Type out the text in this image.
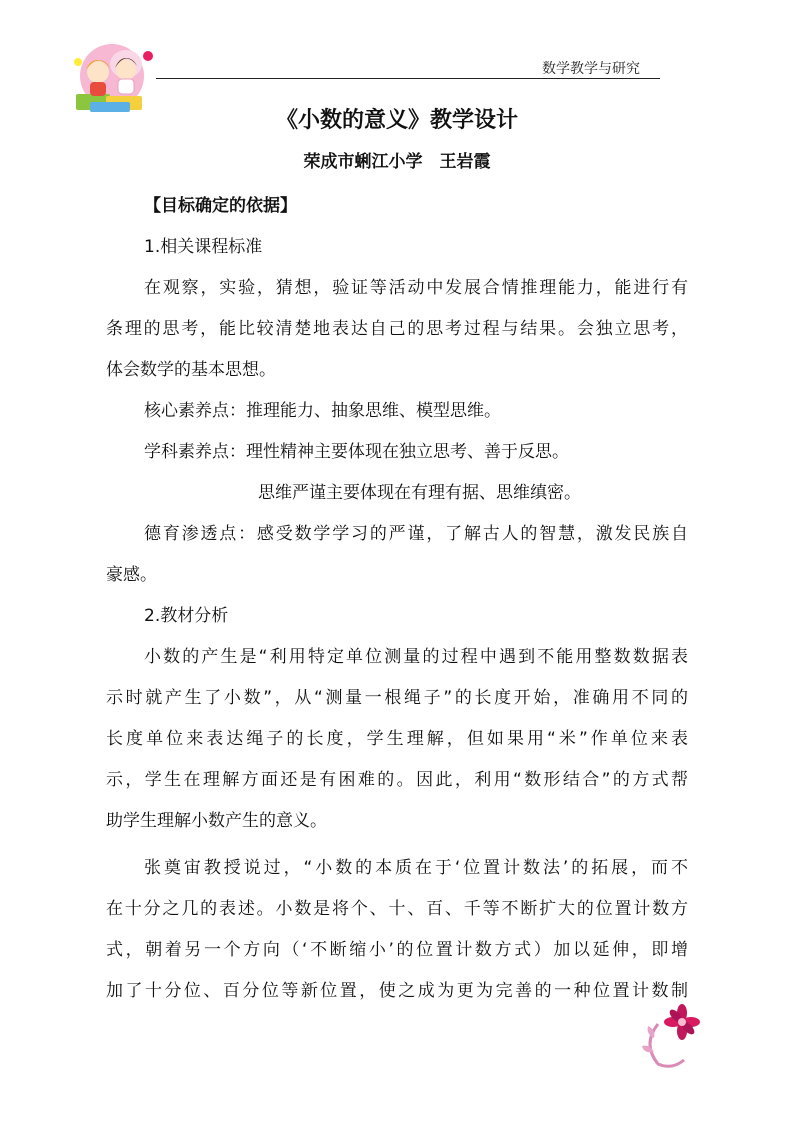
数学教学与研究
《小数的意义》教学设计
荣成市蜊江小学　王岩霞
【目标确定的依据】
1.相关课程标准
在观察，实验，猜想，验证等活动中发展合情推理能力，能进行有
条理的思考，能比较清楚地表达自己的思考过程与结果。会独立思考，
体会数学的基本思想。
核心素养点：推理能力、抽象思维、模型思维。
学科素养点：理性精神主要体现在独立思考、善于反思。
思维严谨主要体现在有理有据、思维缜密。
德育渗透点：感受数学学习的严谨，了解古人的智慧，激发民族自
豪感。
2.教材分析
小数的产生是“利用特定单位测量的过程中遇到不能用整数数据表
示时就产生了小数”，从“测量一根绳子”的长度开始，准确用不同的
长度单位来表达绳子的长度，学生理解，但如果用“米”作单位来表
示，学生在理解方面还是有困难的。因此，利用“数形结合”的方式帮
助学生理解小数产生的意义。
张奠宙教授说过，“小数的本质在于‘位置计数法’的拓展，而不
在十分之几的表述。小数是将个、十、百、千等不断扩大的位置计数方
式，朝着另一个方向（‘不断缩小’的位置计数方式）加以延伸，即增
加了十分位、百分位等新位置，使之成为更为完善的一种位置计数制
